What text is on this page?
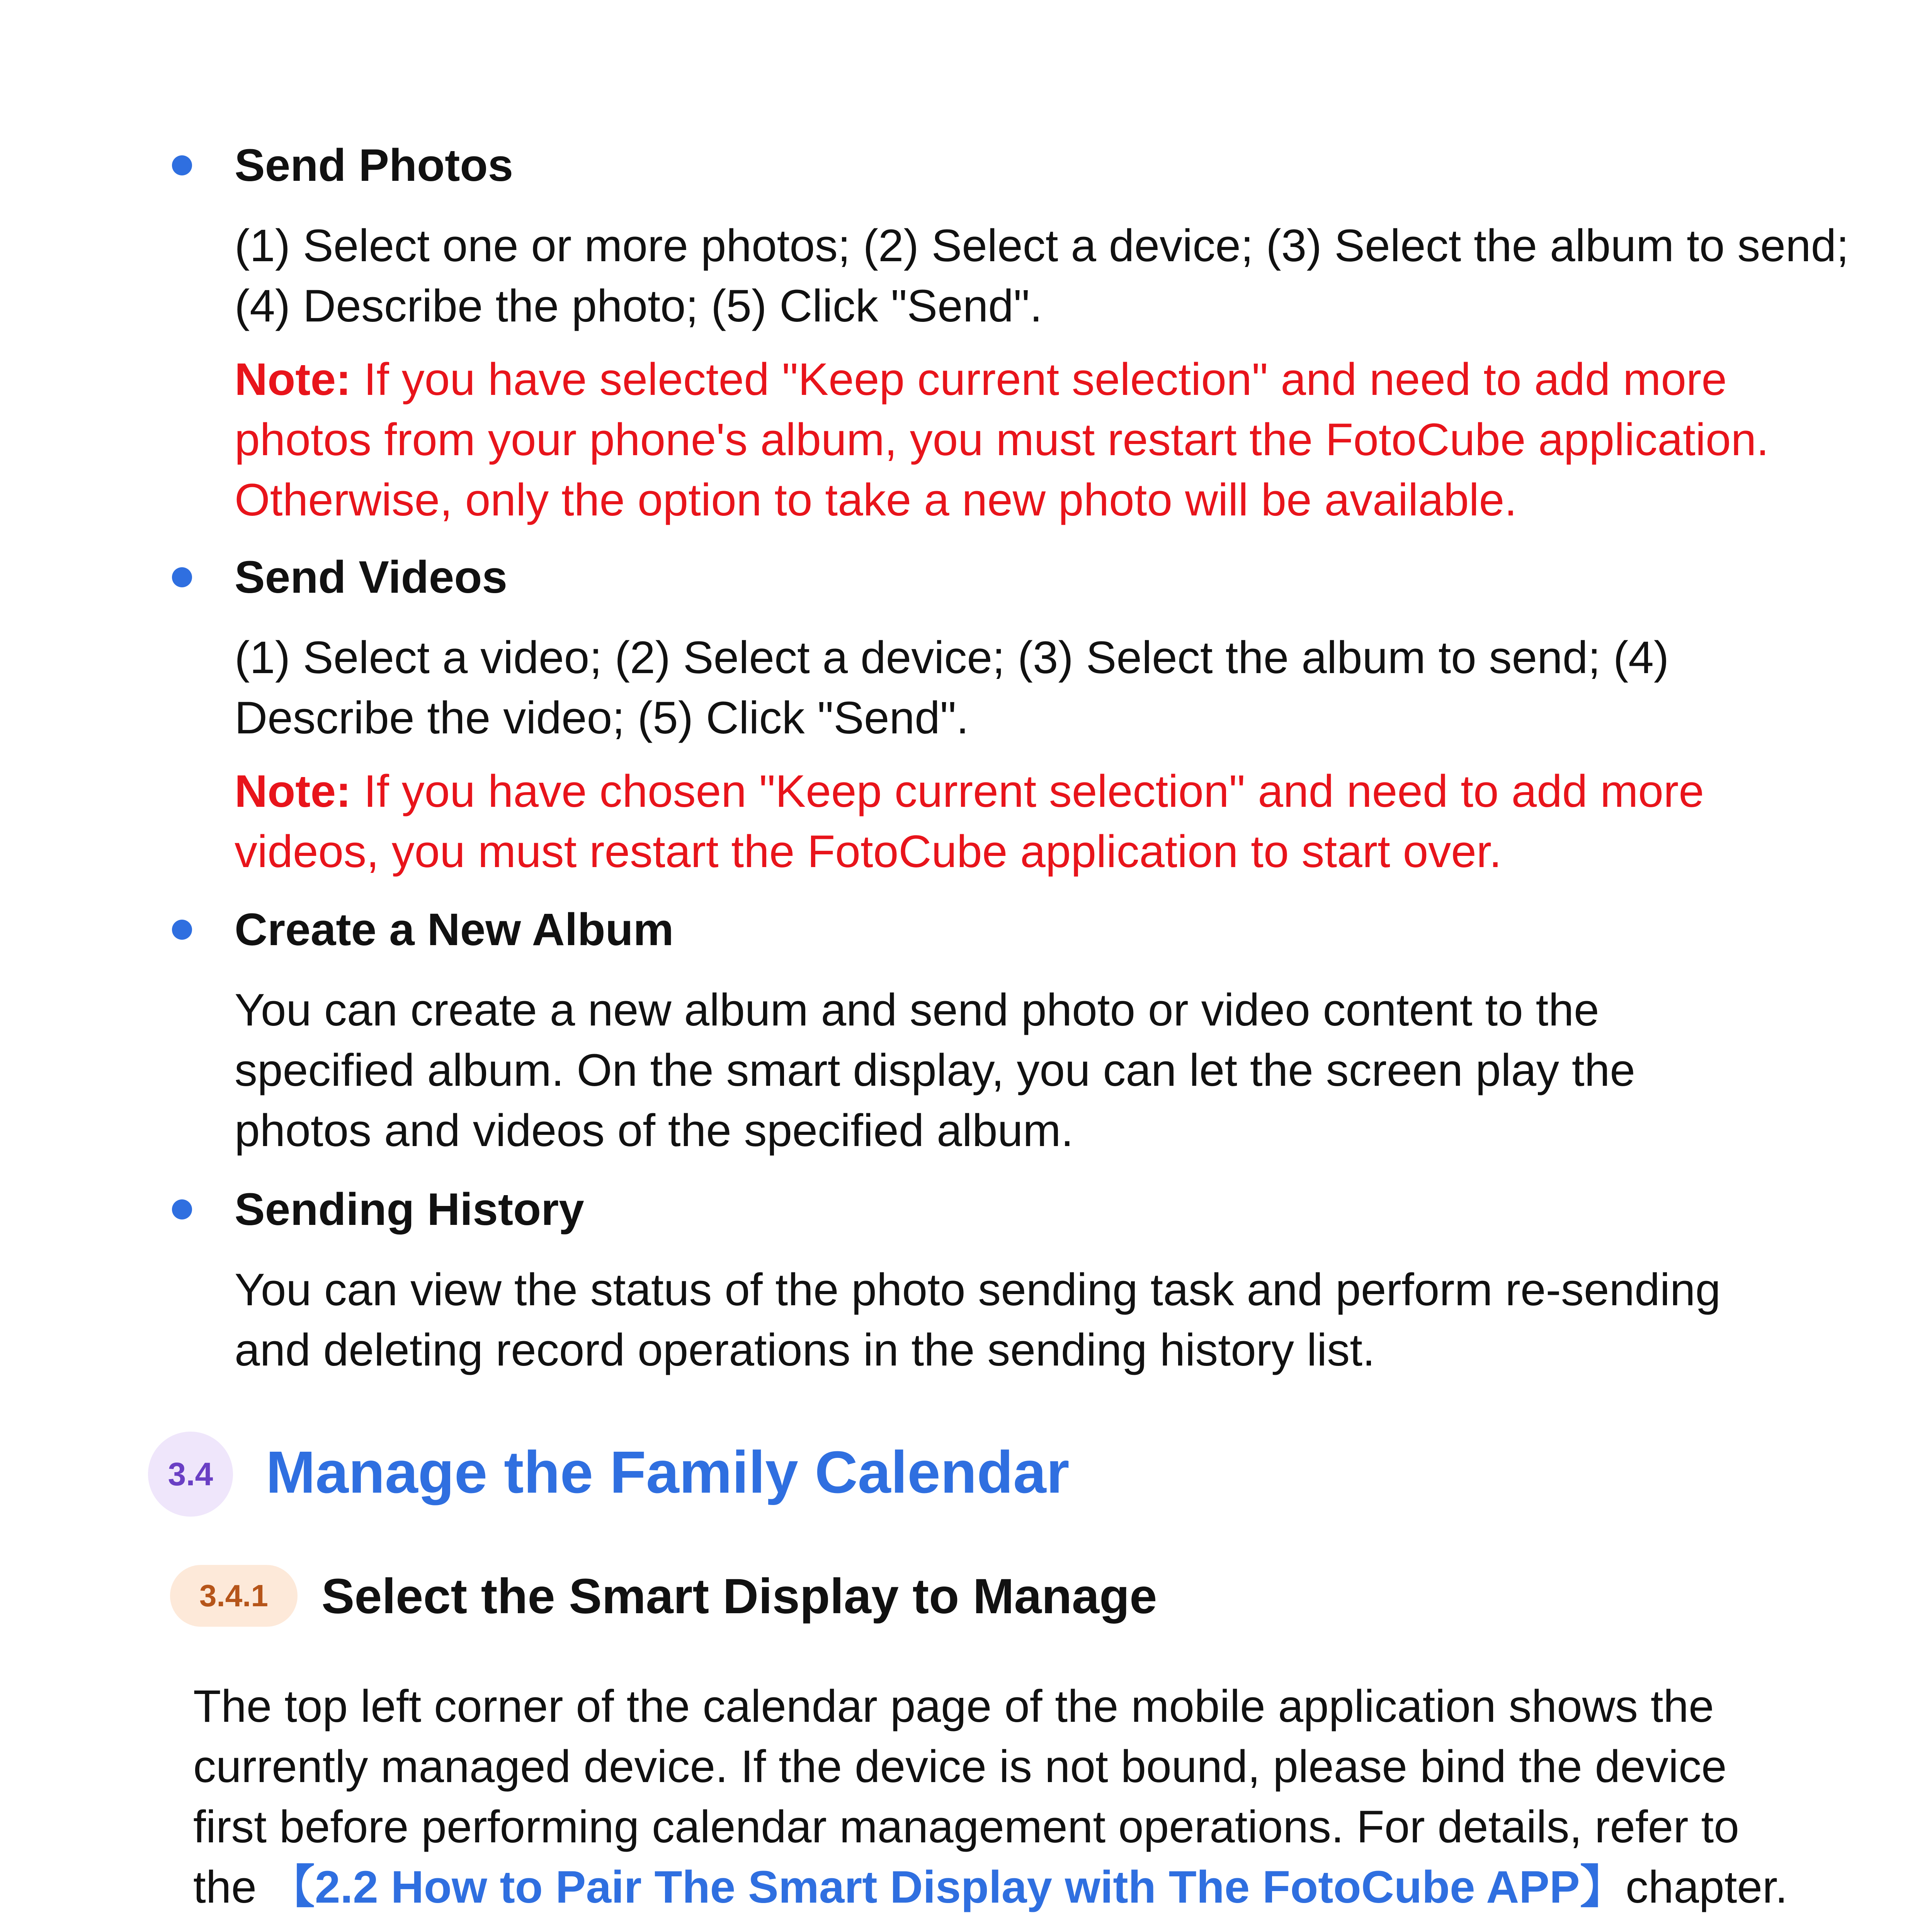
Send Photos
(1) Select one or more photos; (2) Select a device; (3) Select the album to send;
(4) Describe the photo; (5) Click "Send".
Note: If you have selected "Keep current selection" and need to add more
photos from your phone's album, you must restart the FotoCube application.
Otherwise, only the option to take a new photo will be available.
Send Videos
(1) Select a video; (2) Select a device; (3) Select the album to send; (4)
Describe the video; (5) Click "Send".
Note: If you have chosen "Keep current selection" and need to add more
videos, you must restart the FotoCube application to start over.
Create a New Album
You can create a new album and send photo or video content to the
specified album. On the smart display, you can let the screen play the
photos and videos of the specified album.
Sending History
You can view the status of the photo sending task and perform re-sending
and deleting record operations in the sending history list.
3.4 Manage the Family Calendar
3.4.1	Select the Smart Display to Manage
The top left corner of the calendar page of the mobile application shows the
currently managed device. If the device is not bound, please bind the device
first before performing calendar management operations. For details, refer to
the 【2.2 How to Pair The Smart Display with The FotoCube APP】chapter.
